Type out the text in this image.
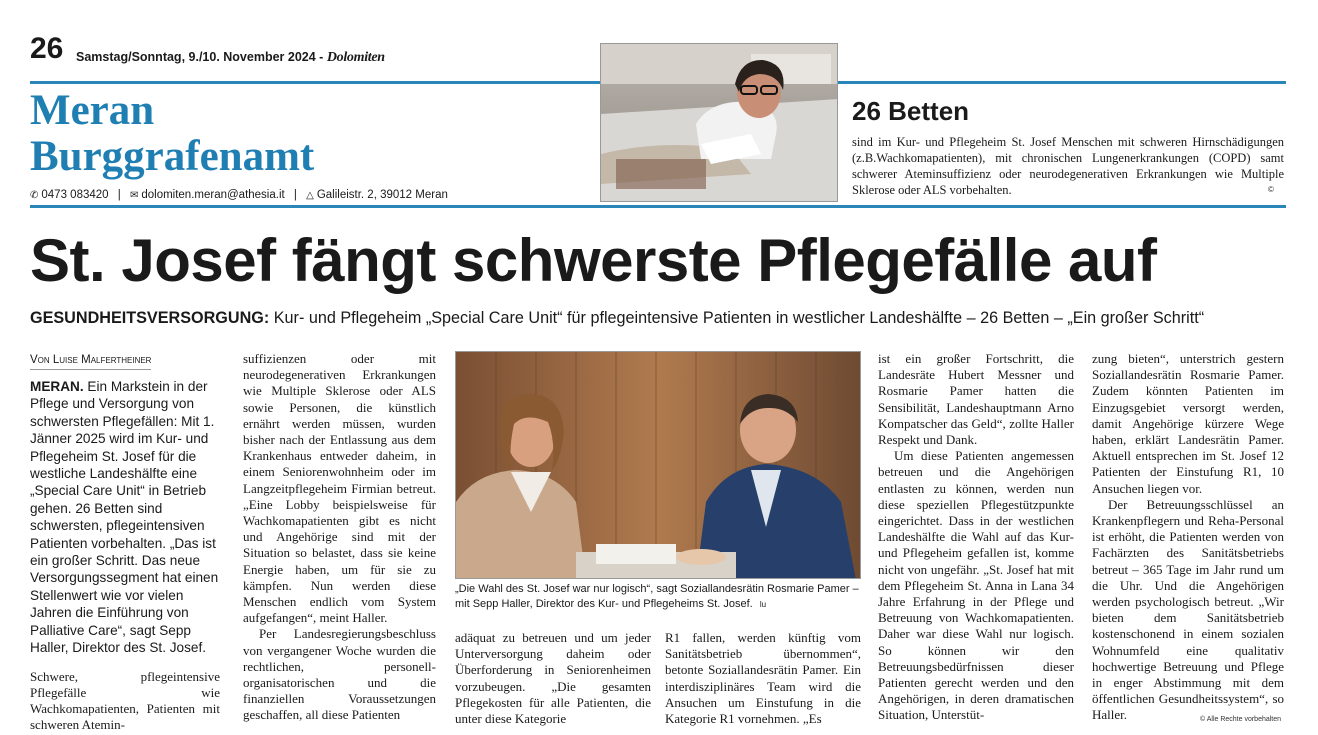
26 Samstag/Sonntag, 9./10. November 2024 - Dolomiten
Meran
Burggrafenamt
✆ 0473 083420 | ✉ dolomiten.meran@athesia.it | △ Galileistr. 2, 39012 Meran
26 Betten
sind im Kur- und Pflegeheim St. Josef Menschen mit schweren Hirnschädigungen (z.B.Wachkomapatienten), mit chronischen Lungenerkrankungen (COPD) samt schwerer Ateminsuffizienz oder neurodegenerativen Erkrankungen wie Multiple Sklerose oder ALS vorbehalten.	©
St. Josef fängt schwerste Pflegefälle auf
GESUNDHEITSVERSORGUNG: Kur- und Pflegeheim „Special Care Unit“ für pflegeintensive Patienten in westlicher Landeshälfte – 26 Betten – „Ein großer Schritt“
Von Luise Malfertheiner
MERAN. Ein Markstein in der Pflege und Versorgung von schwersten Pflegefällen: Mit 1. Jänner 2025 wird im Kur- und Pflegeheim St. Josef für die westliche Landeshälfte eine „Special Care Unit“ in Betrieb gehen. 26 Betten sind schwersten, pflegeintensiven Patienten vorbehalten. „Das ist ein großer Schritt. Das neue Versorgungssegment hat einen Stellenwert wie vor vielen Jahren die Einführung von Palliative Care“, sagt Sepp Haller, Direktor des St. Josef.
Schwere, pflegeintensive Pflegefälle wie Wachkomapatienten, Patienten mit schweren Atemin-

suffizienzen oder mit neurodegenerativen Erkrankungen wie Multiple Sklerose oder ALS sowie Personen, die künstlich ernährt werden müssen, wurden bisher nach der Entlassung aus dem Krankenhaus entweder daheim, in einem Seniorenwohnheim oder im Langzeitpflegeheim Firmian betreut. „Eine Lobby beispielsweise für Wachkomapatienten gibt es nicht und Angehörige sind mit der Situation so belastet, dass sie keine Energie haben, um für sie zu kämpfen. Nun werden diese Menschen endlich vom System aufgefangen“, meint Haller.

Per Landesregierungsbeschluss von vergangener Woche wurden die rechtlichen, personell-organisatorischen und die finanziellen Voraussetzungen geschaffen, all diese Patienten

„Die Wahl des St. Josef war nur logisch“, sagt Soziallandesrätin Rosmarie Pamer – mit Sepp Haller, Direktor des Kur- und Pflegeheims St. Josef. lu
adäquat zu betreuen und um jeder Unterversorgung daheim oder Überforderung in Seniorenheimen vorzubeugen. „Die gesamten Pflegekosten für alle Patienten, die unter diese Kategorie
R1 fallen, werden künftig vom Sanitätsbetrieb übernommen“, betonte Soziallandesrätin Pamer. Ein interdisziplinäres Team wird die Ansuchen um Einstufung in die Kategorie R1 vornehmen. „Es

ist ein großer Fortschritt, die Landesräte Hubert Messner und Rosmarie Pamer hatten die Sensibilität, Landeshauptmann Arno Kompatscher das Geld“, zollte Haller Respekt und Dank.

Um diese Patienten angemessen betreuen und die Angehörigen entlasten zu können, werden nun diese speziellen Pflegestützpunkte eingerichtet. Dass in der westlichen Landeshälfte die Wahl auf das Kur- und Pflegeheim gefallen ist, komme nicht von ungefähr. „St. Josef hat mit dem Pflegeheim St. Anna in Lana 34 Jahre Erfahrung in der Pflege und Betreuung von Wachkomapatienten. Daher war diese Wahl nur logisch. So können wir den Betreuungsbedürfnissen dieser Patienten gerecht werden und den Angehörigen, in deren dramatischen Situation, Unterstüt-

zung bieten“, unterstrich gestern Soziallandesrätin Rosmarie Pamer. Zudem könnten Patienten im Einzugsgebiet versorgt werden, damit Angehörige kürzere Wege haben, erklärt Landesrätin Pamer. Aktuell entsprechen im St. Josef 12 Patienten der Einstufung R1, 10 Ansuchen liegen vor.

Der Betreuungsschlüssel an Krankenpflegern und Reha-Personal ist erhöht, die Patienten werden von Fachärzten des Sanitätsbetriebs betreut – 365 Tage im Jahr rund um die Uhr. Und die Angehörigen werden psychologisch betreut. „Wir bieten dem Sanitätsbetrieb kostenschonend in einem sozialen Wohnumfeld eine qualitativ hochwertige Betreuung und Pflege in enger Abstimmung mit dem öffentlichen Gesundheitssystem“, so Haller.	© Alle Rechte vorbehalten
